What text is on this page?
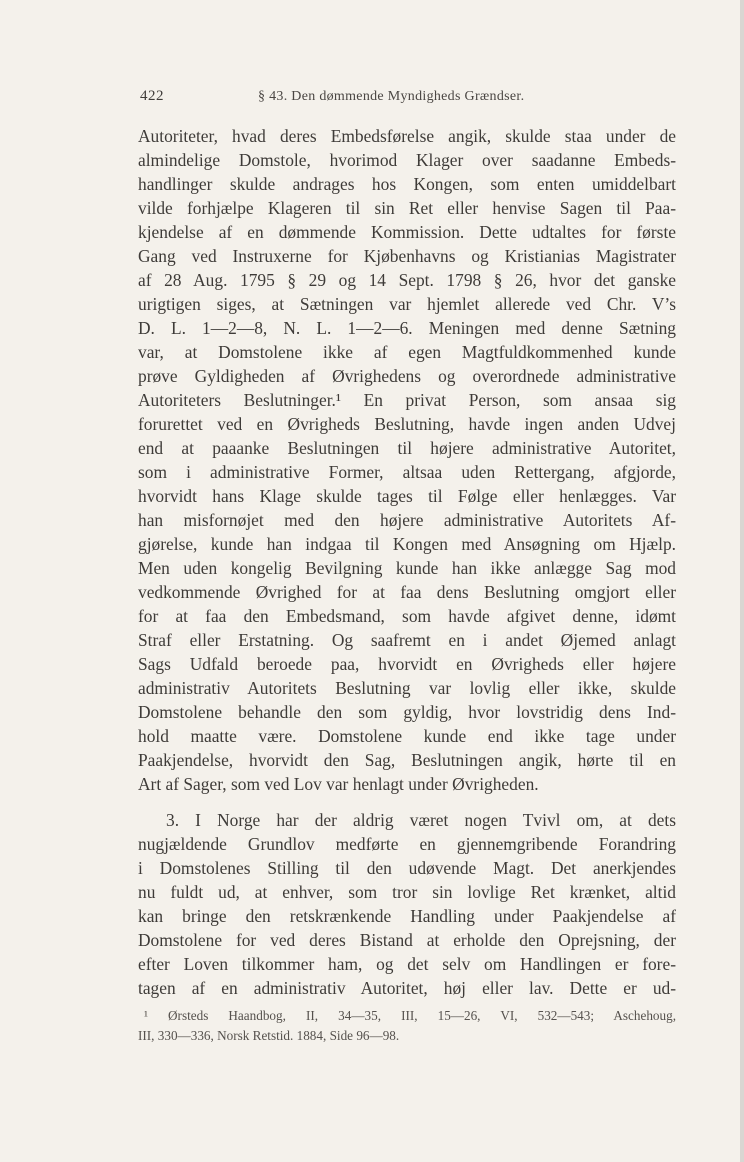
422	§ 43. Den dømmende Myndigheds Grændser.
Autoriteter, hvad deres Embedsførelse angik, skulde staa under de
almindelige Domstole, hvorimod Klager over saadanne Embeds-
handlinger skulde andrages hos Kongen, som enten umiddelbart
vilde forhjælpe Klageren til sin Ret eller henvise Sagen til Paa-
kjendelse af en dømmende Kommission. Dette udtaltes for første
Gang ved Instruxerne for Kjøbenhavns og Kristianias Magistrater
af 28 Aug. 1795 § 29 og 14 Sept. 1798 § 26, hvor det ganske
urigtigen siges, at Sætningen var hjemlet allerede ved Chr. V’s
D. L. 1—2—8, N. L. 1—2—6. Meningen med denne Sætning
var, at Domstolene ikke af egen Magtfuldkommenhed kunde
prøve Gyldigheden af Øvrighedens og overordnede administrative
Autoriteters Beslutninger.¹ En privat Person, som ansaa sig
forurettet ved en Øvrigheds Beslutning, havde ingen anden Udvej
end at paaanke Beslutningen til højere administrative Autoritet,
som i administrative Former, altsaa uden Rettergang, afgjorde,
hvorvidt hans Klage skulde tages til Følge eller henlægges. Var
han misfornøjet med den højere administrative Autoritets Af-
gjørelse, kunde han indgaa til Kongen med Ansøgning om Hjælp.
Men uden kongelig Bevilgning kunde han ikke anlægge Sag mod
vedkommende Øvrighed for at faa dens Beslutning omgjort eller
for at faa den Embedsmand, som havde afgivet denne, idømt
Straf eller Erstatning. Og saafremt en i andet Øjemed anlagt
Sags Udfald beroede paa, hvorvidt en Øvrigheds eller højere
administrativ Autoritets Beslutning var lovlig eller ikke, skulde
Domstolene behandle den som gyldig, hvor lovstridig dens Ind-
hold maatte være. Domstolene kunde end ikke tage under
Paakjendelse, hvorvidt den Sag, Beslutningen angik, hørte til en
Art af Sager, som ved Lov var henlagt under Øvrigheden.
3. I Norge har der aldrig været nogen Tvivl om, at dets
nugjældende Grundlov medførte en gjennemgribende Forandring
i Domstolenes Stilling til den udøvende Magt. Det anerkjendes
nu fuldt ud, at enhver, som tror sin lovlige Ret krænket, altid
kan bringe den retskrænkende Handling under Paakjendelse af
Domstolene for ved deres Bistand at erholde den Oprejsning, der
efter Loven tilkommer ham, og det selv om Handlingen er fore-
tagen af en administrativ Autoritet, høj eller lav. Dette er ud-
¹ Ørsteds Haandbog, II, 34—35, III, 15—26, VI, 532—543; Aschehoug,
III, 330—336, Norsk Retstid. 1884, Side 96—98.
